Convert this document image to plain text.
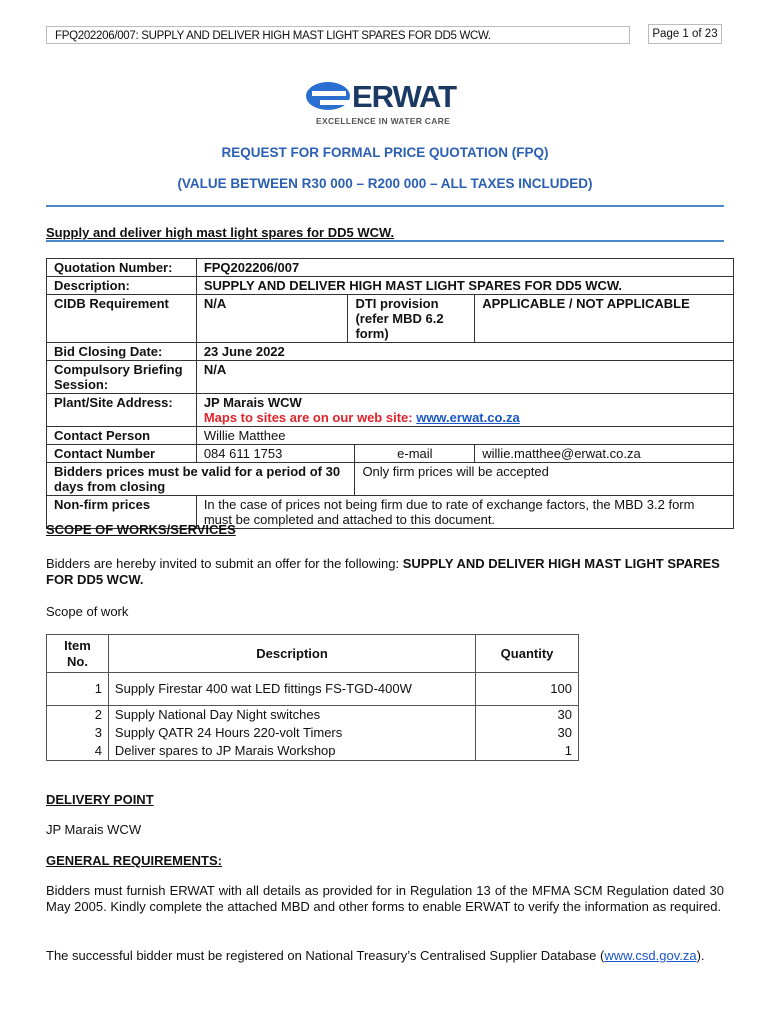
FPQ202206/007: SUPPLY AND DELIVER HIGH MAST LIGHT SPARES FOR DD5 WCW.	Page 1 of 23
ERWAT
EXCELLENCE IN WATER CARE
REQUEST FOR FORMAL PRICE QUOTATION (FPQ)
(VALUE BETWEEN R30 000 – R200 000 – ALL TAXES INCLUDED)
Supply and deliver high mast light spares for DD5 WCW.
Quotation Number:	FPQ202206/007			
Description:	SUPPLY AND DELIVER HIGH MAST LIGHT SPARES FOR DD5 WCW.			
CIDB Requirement	N/A	DTI provision (refer MBD 6.2 form)		APPLICABLE / NOT APPLICABLE
Bid Closing Date:	23 June 2022			
Compulsory Briefing Session:	N/A			
Plant/Site Address:	JP Marais WCW
Maps to sites are on our web site: www.erwat.co.za			

Contact Person	Willie Matthee			
Contact Number	084 611 1753		e-mail	willie.matthee@erwat.co.za
Bidders prices must be valid for a period of 30 days from closing			Only firm prices will be accepted	
Non-firm prices	In the case of prices not being firm due to rate of exchange factors, the MBD 3.2 form must be completed and attached to this document.			
SCOPE OF WORKS/SERVICES
Bidders are hereby invited to submit an offer for the following: SUPPLY AND DELIVER HIGH MAST LIGHT SPARES FOR DD5 WCW.
Scope of work
Item No.	Description	Quantity
1	Supply Firestar 400 wat LED fittings FS-TGD-400W	100
2	Supply National Day Night switches	30
3	Supply QATR 24 Hours 220-volt Timers	30
4	Deliver spares to JP Marais Workshop	1
DELIVERY POINT
JP Marais WCW
GENERAL REQUIREMENTS:
Bidders must furnish ERWAT with all details as provided for in Regulation 13 of the MFMA SCM Regulation dated 30 May 2005. Kindly complete the attached MBD and other forms to enable ERWAT to verify the information as required.
The successful bidder must be registered on National Treasury’s Centralised Supplier Database (www.csd.gov.za).
